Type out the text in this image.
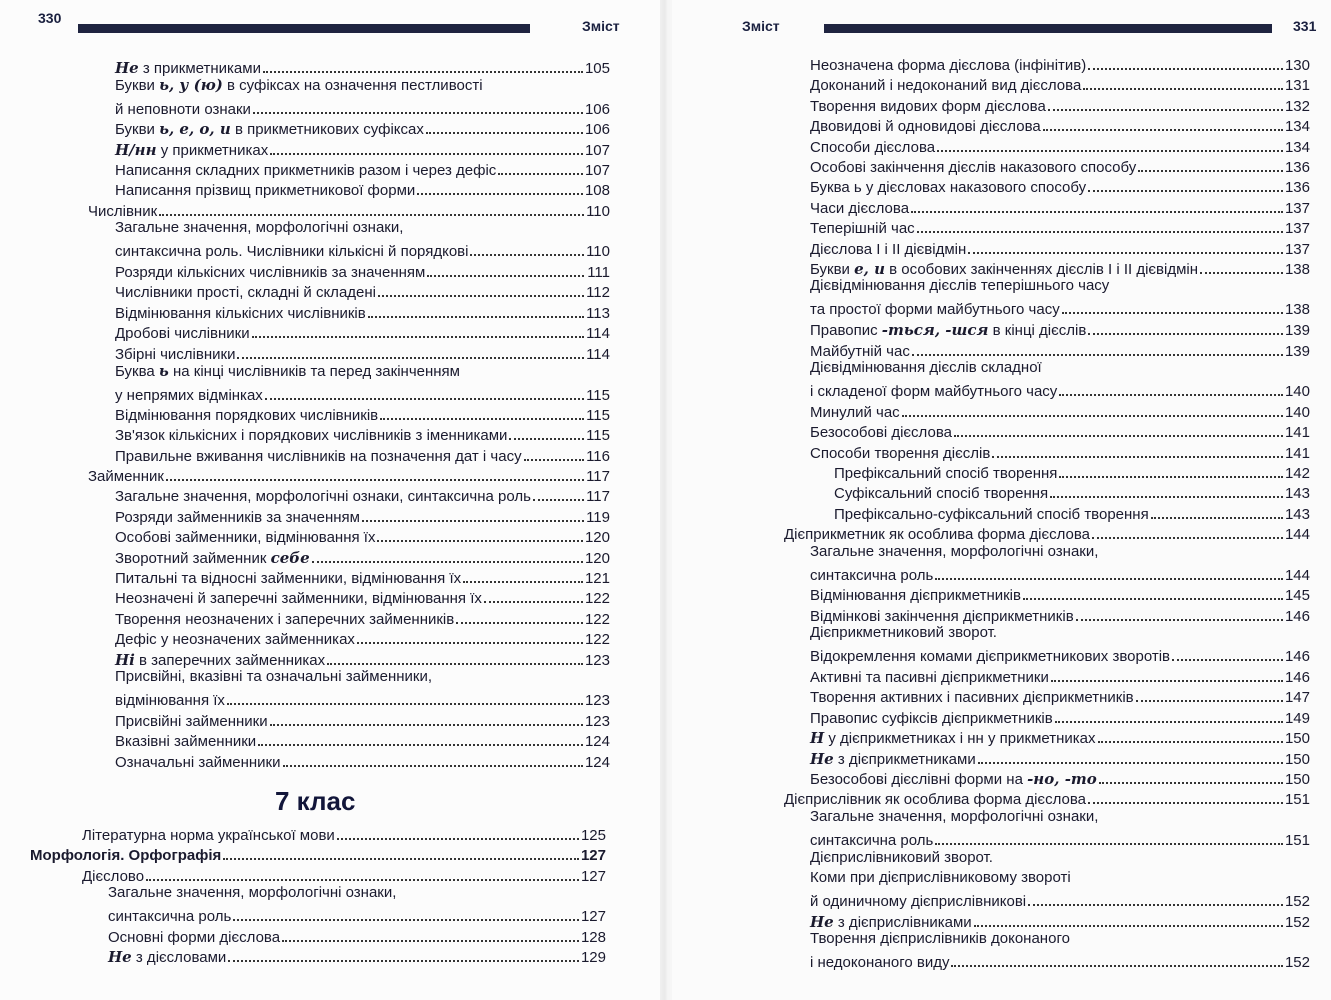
330	Зміст
Не з прикметниками	105
Букви ь, у (ю) в суфіксах на означення пестливості
й неповноти ознаки	106
Букви ь, е, о, и в прикметникових суфіксах	106
Н/нн у прикметниках	107
Написання складних прикметників разом і через дефіс	107
Написання прізвищ прикметникової форми	108
Числівник	110
Загальне значення, морфологічні ознаки,
синтаксична роль. Числівники кількісні й порядкові	110
Розряди кількісних числівників за значенням	111
Числівники прості, складні й складені	112
Відмінювання кількісних числівників	113
Дробові числівники	114
Збірні числівники	114
Буква ь на кінці числівників та перед закінченням
у непрямих відмінках	115
Відмінювання порядкових числівників	115
Зв'язок кількісних і порядкових числівників з іменниками	115
Правильне вживання числівників на позначення дат і часу	116
Займенник	117
Загальне значення, морфологічні ознаки, синтаксична роль	117
Розряди займенників за значенням	119
Особові займенники, відмінювання їх	120
Зворотний займенник себе	120
Питальні та відносні займенники, відмінювання їх	121
Неозначені й заперечні займенники, відмінювання їх	122
Творення неозначених і заперечних займенників	122
Дефіс у неозначених займенниках	122
Ні в заперечних займенниках	123
Присвійні, вказівні та означальні займенники,
відмінювання їх	123
Присвійні займенники	123
Вказівні займенники	124
Означальні займенники	124
Літературна норма української мови	125
Морфологія. Орфографія	127
Дієслово	127
Загальне значення, морфологічні ознаки,
синтаксична роль	127
Основні форми дієслова	128
Не з дієсловами	129
7 клас
Зміст	331
Неозначена форма дієслова (інфінітив)	130
Доконаний і недоконаний вид дієслова	131
Творення видових форм дієслова	132
Двовидові й одновидові дієслова	134
Способи дієслова	134
Особові закінчення дієслів наказового способу	136
Буква ь у дієсловах наказового способу	136
Часи дієслова	137
Теперішній час	137
Дієслова I і II дієвідмін	137
Букви е, и в особових закінченнях дієслів I і II дієвідмін	138
Дієвідмінювання дієслів теперішнього часу
та простої форми майбутнього часу	138
Правопис -ться, -шся в кінці дієслів	139
Майбутній час	139
Дієвідмінювання дієслів складної
і складеної форм майбутнього часу	140
Минулий час	140
Безособові дієслова	141
Способи творення дієслів	141
Префіксальний спосіб творення	142
Суфіксальний спосіб творення	143
Префіксально-суфіксальний спосіб творення	143
Дієприкметник як особлива форма дієслова	144
Загальне значення, морфологічні ознаки,
синтаксична роль	144
Відмінювання дієприкметників	145
Відмінкові закінчення дієприкметників	146
Дієприкметниковий зворот.
Відокремлення комами дієприкметникових зворотів	146
Активні та пасивні дієприкметники	146
Творення активних і пасивних дієприкметників	147
Правопис суфіксів дієприкметників	149
Н у дієприкметниках і нн у прикметниках	150
Не з дієприкметниками	150
Безособові дієслівні форми на -но, -то	150
Дієприслівник як особлива форма дієслова	151
Загальне значення, морфологічні ознаки,
синтаксична роль	151
Дієприслівниковий зворот.
Коми при дієприслівниковому звороті
й одиничному дієприслівникові	152
Не з дієприслівниками	152
Творення дієприслівників доконаного
і недоконаного виду	152
